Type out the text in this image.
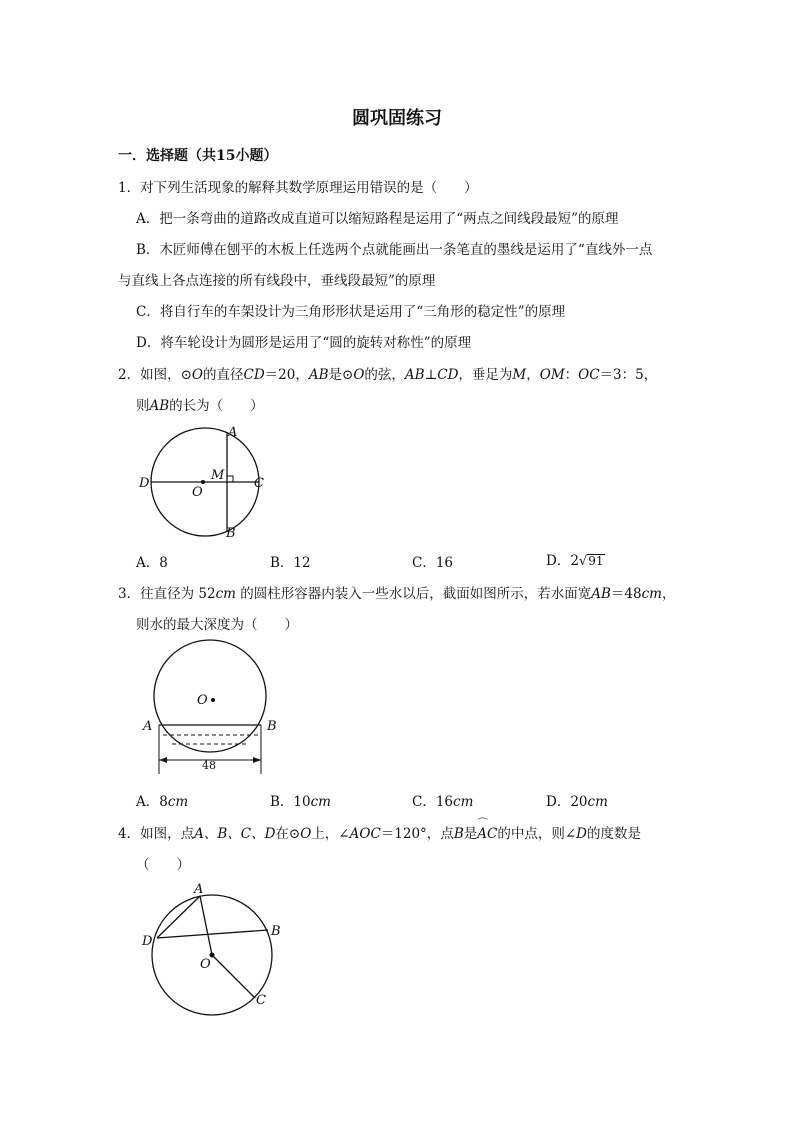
圆巩固练习
一．选择题（共15小题）
1．对下列生活现象的解释其数学原理运用错误的是（　　）
A．把一条弯曲的道路改成直道可以缩短路程是运用了“两点之间线段最短”的原理
B．木匠师傅在刨平的木板上任选两个点就能画出一条笔直的墨线是运用了“直线外一点
与直线上各点连接的所有线段中，垂线段最短”的原理
C．将自行车的车架设计为三角形形状是运用了“三角形的稳定性”的原理
D．将车轮设计为圆形是运用了“圆的旋转对称性”的原理
2．如图，⊙O的直径CD＝20，AB是⊙O的弦，AB⊥CD，垂足为M，OM：OC＝3：5，
则AB的长为（　　）
A
B
C
D
O
M
A．8	B．12	C．16	D．2√91
3．往直径为 52cm 的圆柱形容器内装入一些水以后，截面如图所示，若水面宽AB＝48cm，
则水的最大深度为（　　）
O
A	B
48
A．8cm	B．10cm	C．16cm	D．20cm
4．如图，点A、B、C、D在⊙O上，∠AOC＝120°，点B是⌒ AC的中点，则∠D的度数是
（　　）
A
B
C
D
O
